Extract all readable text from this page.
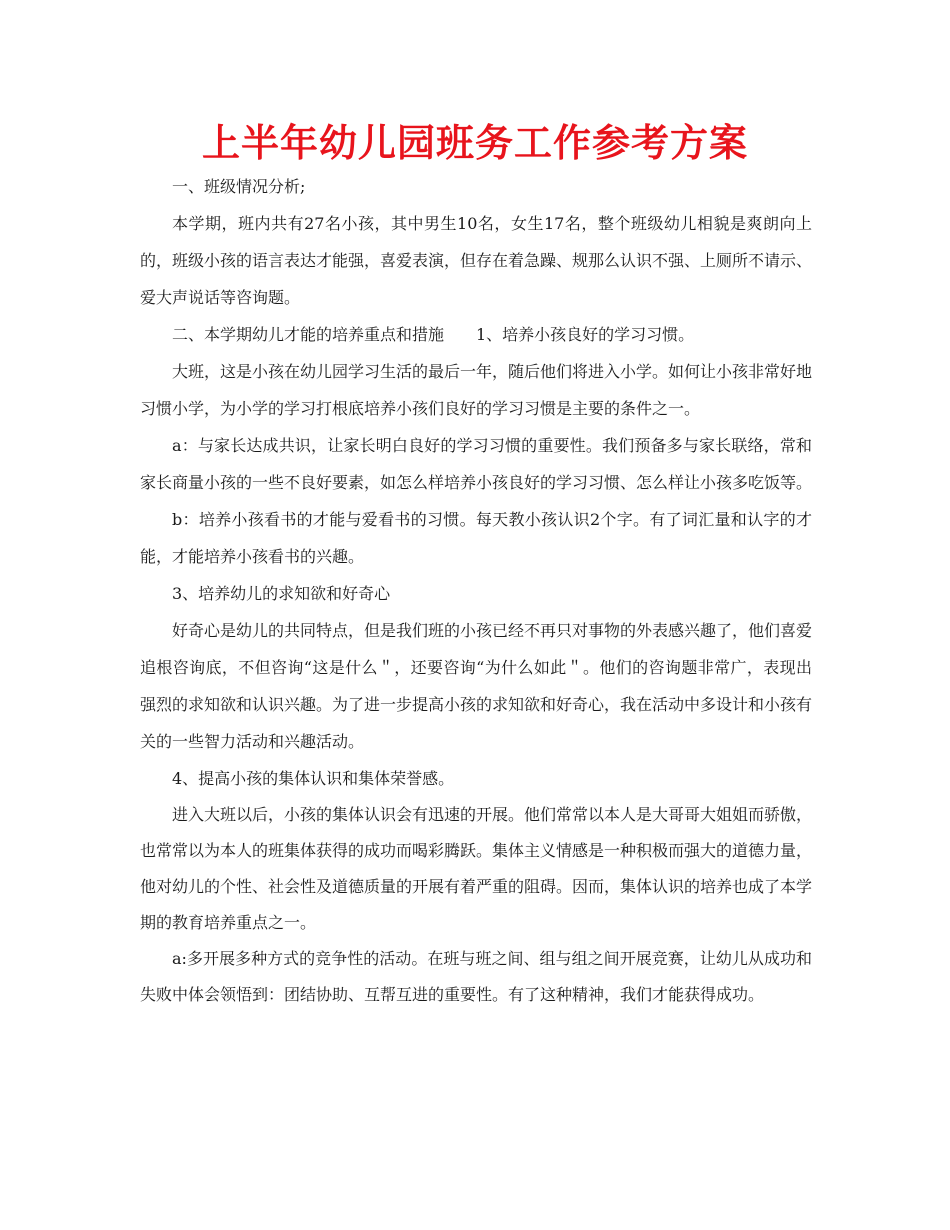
上半年幼儿园班务工作参考方案

一、班级情况分析;

本学期，班内共有27名小孩，其中男生10名，女生17名，整个班级幼儿相貌是爽朗向上的，班级小孩的语言表达才能强，喜爱表演，但存在着急躁、规那么认识不强、上厕所不请示、爱大声说话等咨询题。

二、本学期幼儿才能的培养重点和措施　　1、培养小孩良好的学习习惯。

大班，这是小孩在幼儿园学习生活的最后一年，随后他们将进入小学。如何让小孩非常好地习惯小学，为小学的学习打根底培养小孩们良好的学习习惯是主要的条件之一。

a：与家长达成共识，让家长明白良好的学习习惯的重要性。我们预备多与家长联络，常和家长商量小孩的一些不良好要素，如怎么样培养小孩良好的学习习惯、怎么样让小孩多吃饭等。

b：培养小孩看书的才能与爱看书的习惯。每天教小孩认识2个字。有了词汇量和认字的才能，才能培养小孩看书的兴趣。

3、培养幼儿的求知欲和好奇心

好奇心是幼儿的共同特点，但是我们班的小孩已经不再只对事物的外表感兴趣了，他们喜爱追根咨询底，不但咨询“这是什么＂，还要咨询“为什么如此＂。他们的咨询题非常广，表现出强烈的求知欲和认识兴趣。为了进一步提高小孩的求知欲和好奇心，我在活动中多设计和小孩有关的一些智力活动和兴趣活动。

4、提高小孩的集体认识和集体荣誉感。

进入大班以后，小孩的集体认识会有迅速的开展。他们常常以本人是大哥哥大姐姐而骄傲，也常常以为本人的班集体获得的成功而喝彩腾跃。集体主义情感是一种积极而强大的道德力量，他对幼儿的个性、社会性及道德质量的开展有着严重的阻碍。因而，集体认识的培养也成了本学期的教育培养重点之一。

a:多开展多种方式的竞争性的活动。在班与班之间、组与组之间开展竞赛，让幼儿从成功和失败中体会领悟到：团结协助、互帮互进的重要性。有了这种精神，我们才能获得成功。
